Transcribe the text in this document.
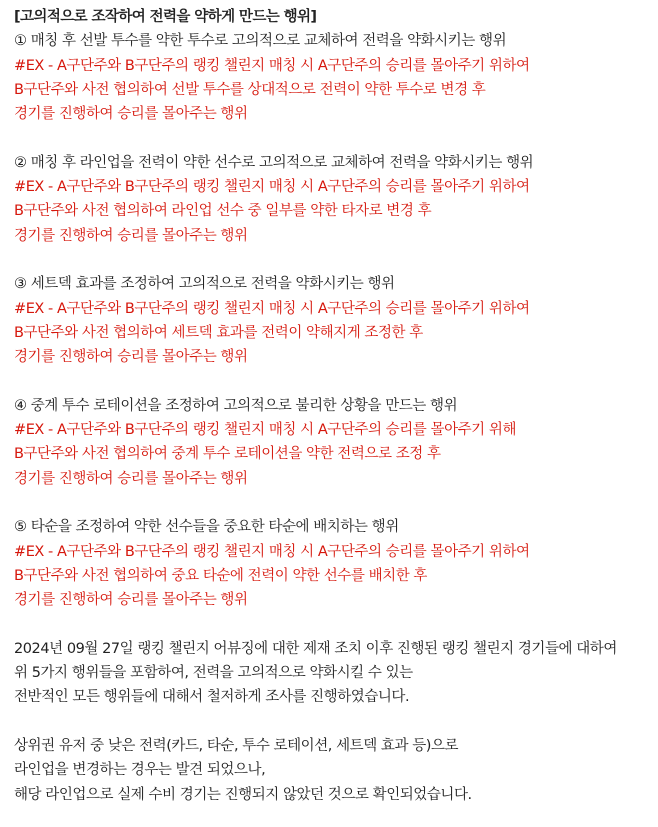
[고의적으로 조작하여 전력을 약하게 만드는 행위]
① 매칭 후 선발 투수를 약한 투수로 고의적으로 교체하여 전력을 약화시키는 행위
#EX - A구단주와 B구단주의 랭킹 챌린지 매칭 시 A구단주의 승리를 몰아주기 위하여
B구단주와 사전 협의하여 선발 투수를 상대적으로 전력이 약한 투수로 변경 후
경기를 진행하여 승리를 몰아주는 행위
② 매칭 후 라인업을 전력이 약한 선수로 고의적으로 교체하여 전력을 약화시키는 행위
#EX - A구단주와 B구단주의 랭킹 챌린지 매칭 시 A구단주의 승리를 몰아주기 위하여
B구단주와 사전 협의하여 라인업 선수 중 일부를 약한 타자로 변경 후
경기를 진행하여 승리를 몰아주는 행위
③ 세트덱 효과를 조정하여 고의적으로 전력을 약화시키는 행위
#EX - A구단주와 B구단주의 랭킹 챌린지 매칭 시 A구단주의 승리를 몰아주기 위하여
B구단주와 사전 협의하여 세트덱 효과를 전력이 약해지게 조정한 후
경기를 진행하여 승리를 몰아주는 행위
④ 중계 투수 로테이션을 조정하여 고의적으로 불리한 상황을 만드는 행위
#EX - A구단주와 B구단주의 랭킹 챌린지 매칭 시 A구단주의 승리를 몰아주기 위해
B구단주와 사전 협의하여 중계 투수 로테이션을 약한 전력으로 조정 후
경기를 진행하여 승리를 몰아주는 행위
⑤ 타순을 조정하여 약한 선수들을 중요한 타순에 배치하는 행위
#EX - A구단주와 B구단주의 랭킹 챌린지 매칭 시 A구단주의 승리를 몰아주기 위하여
B구단주와 사전 협의하여 중요 타순에 전력이 약한 선수를 배치한 후
경기를 진행하여 승리를 몰아주는 행위
2024년 09월 27일 랭킹 챌린지 어뷰징에 대한 제재 조치 이후 진행된 랭킹 챌린지 경기들에 대하여
위 5가지 행위들을 포함하여, 전력을 고의적으로 약화시킬 수 있는
전반적인 모든 행위들에 대해서 철저하게 조사를 진행하였습니다.
상위권 유저 중 낮은 전력(카드, 타순, 투수 로테이션, 세트덱 효과 등)으로
라인업을 변경하는 경우는 발견 되었으나,
해당 라인업으로 실제 수비 경기는 진행되지 않았던 것으로 확인되었습니다.
